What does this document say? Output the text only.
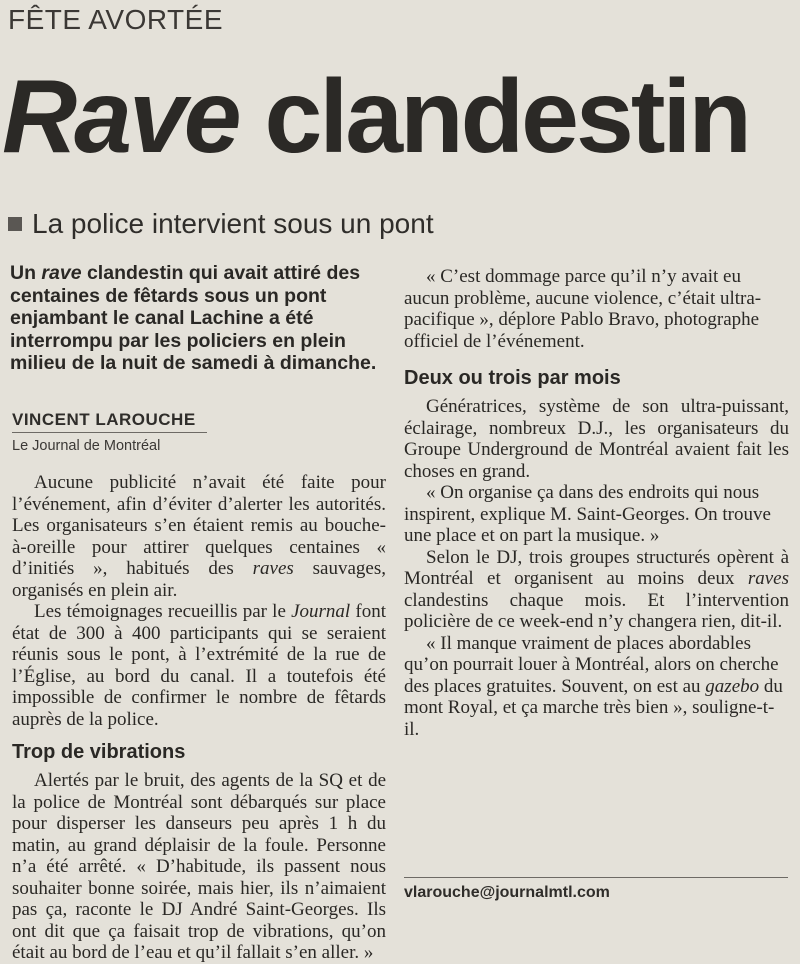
FÊTE AVORTÉE
Rave clandestin
La police intervient sous un pont
Un rave clandestin qui avait attiré des centaines de fêtards sous un pont enjambant le canal Lachine a été interrompu par les policiers en plein milieu de la nuit de samedi à dimanche.
VINCENT LAROUCHE
Le Journal de Montréal

Aucune publicité n’avait été faite pour l’événement, afin d’éviter d’alerter les autorités. Les organisateurs s’en étaient remis au bouche-à-oreille pour attirer quelques centaines « d’initiés », habitués des raves sauvages, organisés en plein air.

Les témoignages recueillis par le Journal font état de 300 à 400 participants qui se seraient réunis sous le pont, à l’extrémité de la rue de l’Église, au bord du canal. Il a toutefois été impossible de confirmer le nombre de fêtards auprès de la police.

Trop de vibrations

Alertés par le bruit, des agents de la SQ et de la police de Montréal sont débarqués sur place pour disperser les danseurs peu après 1 h du matin, au grand déplaisir de la foule. Personne n’a été arrêté. « D’habitude, ils passent nous souhaiter bonne soirée, mais hier, ils n’aimaient pas ça, raconte le DJ André Saint-Georges. Ils ont dit que ça faisait trop de vibrations, qu’on était au bord de l’eau et qu’il fallait s’en aller. »

« C’est dommage parce qu’il n’y avait eu aucun problème, aucune violence, c’était ultra-pacifique », déplore Pablo Bravo, photographe officiel de l’événement.

Deux ou trois par mois

Génératrices, système de son ultra-puissant, éclairage, nombreux D.J., les organisateurs du Groupe Underground de Montréal avaient fait les choses en grand.

« On organise ça dans des endroits qui nous inspirent, explique M. Saint-Georges. On trouve une place et on part la musique. »

Selon le DJ, trois groupes structurés opèrent à Montréal et organisent au moins deux raves clandestins chaque mois. Et l’intervention policière de ce week-end n’y changera rien, dit-il.

« Il manque vraiment de places abordables qu’on pourrait louer à Montréal, alors on cherche des places gratuites. Souvent, on est au gazebo du mont Royal, et ça marche très bien », souligne-t-il.

vlarouche@journalmtl.com
